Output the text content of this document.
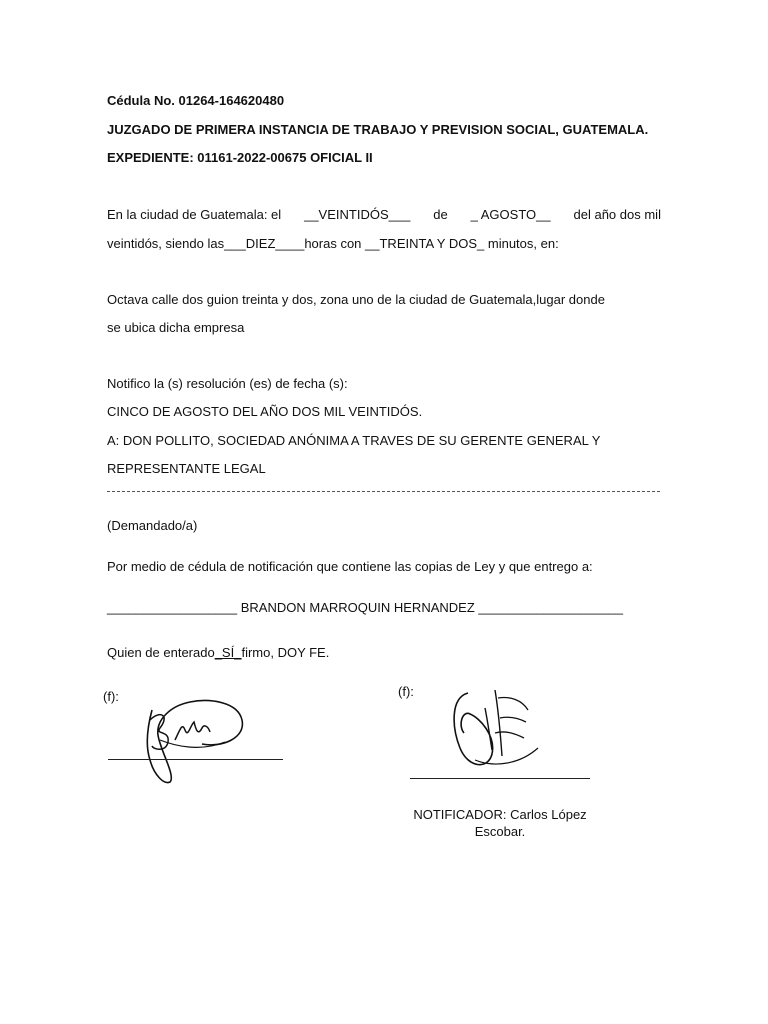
Cédula No. 01264-164620480
JUZGADO DE PRIMERA INSTANCIA DE TRABAJO Y PREVISION SOCIAL, GUATEMALA.
EXPEDIENTE: 01161-2022-00675 OFICIAL II
En la ciudad de Guatemala: el __VEINTIDÓS___ de _ AGOSTO__ del año dos mil
veintidós, siendo las___DIEZ____horas con __TREINTA Y DOS_ minutos, en:
Octava calle dos guion treinta y dos, zona uno de la ciudad de Guatemala,lugar donde
se ubica dicha empresa
Notifico la (s) resolución (es) de fecha (s):
CINCO DE AGOSTO DEL AÑO DOS MIL VEINTIDÓS.
A: DON POLLITO, SOCIEDAD ANÓNIMA A TRAVES DE SU GERENTE GENERAL Y
REPRESENTANTE LEGAL
(Demandado/a)
Por medio de cédula de notificación que contiene las copias de Ley y que entrego a:
__________________ BRANDON MARROQUIN HERNANDEZ ____________________
Quien de enterado_SÍ_firmo, DOY FE.
(f):	(f):
NOTIFICADOR: Carlos López
Escobar.
